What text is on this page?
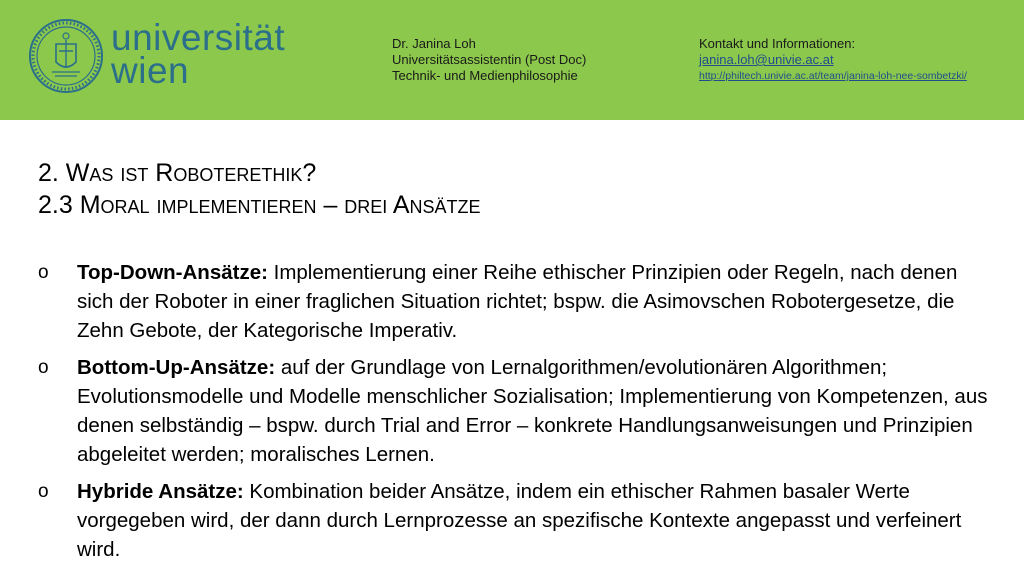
universität
wien
Dr. Janina Loh
Universitätsassistentin (Post Doc)
Technik- und Medienphilosophie
Kontakt und Informationen:
janina.loh@univie.ac.at
http://philtech.univie.ac.at/team/janina-loh-nee-sombetzki/
2. Was ist Roboterethik?
2.3 Moral implementieren – drei Ansätze
o Top-Down-Ansätze: Implementierung einer Reihe ethischer Prinzipien oder Regeln, nach denen sich der Roboter in einer fraglichen Situation richtet; bspw. die Asimovschen Robotergesetze, die Zehn Gebote, der Kategorische Imperativ.
o Bottom-Up-Ansätze: auf der Grundlage von Lernalgorithmen/evolutionären Algorithmen; Evolutionsmodelle und Modelle menschlicher Sozialisation; Implementierung von Kompetenzen, aus denen selbständig – bspw. durch Trial and Error – konkrete Handlungsanweisungen und Prinzipien abgeleitet werden; moralisches Lernen.
o Hybride Ansätze: Kombination beider Ansätze, indem ein ethischer Rahmen basaler Werte vorgegeben wird, der dann durch Lernprozesse an spezifische Kontexte angepasst und verfeinert wird.
